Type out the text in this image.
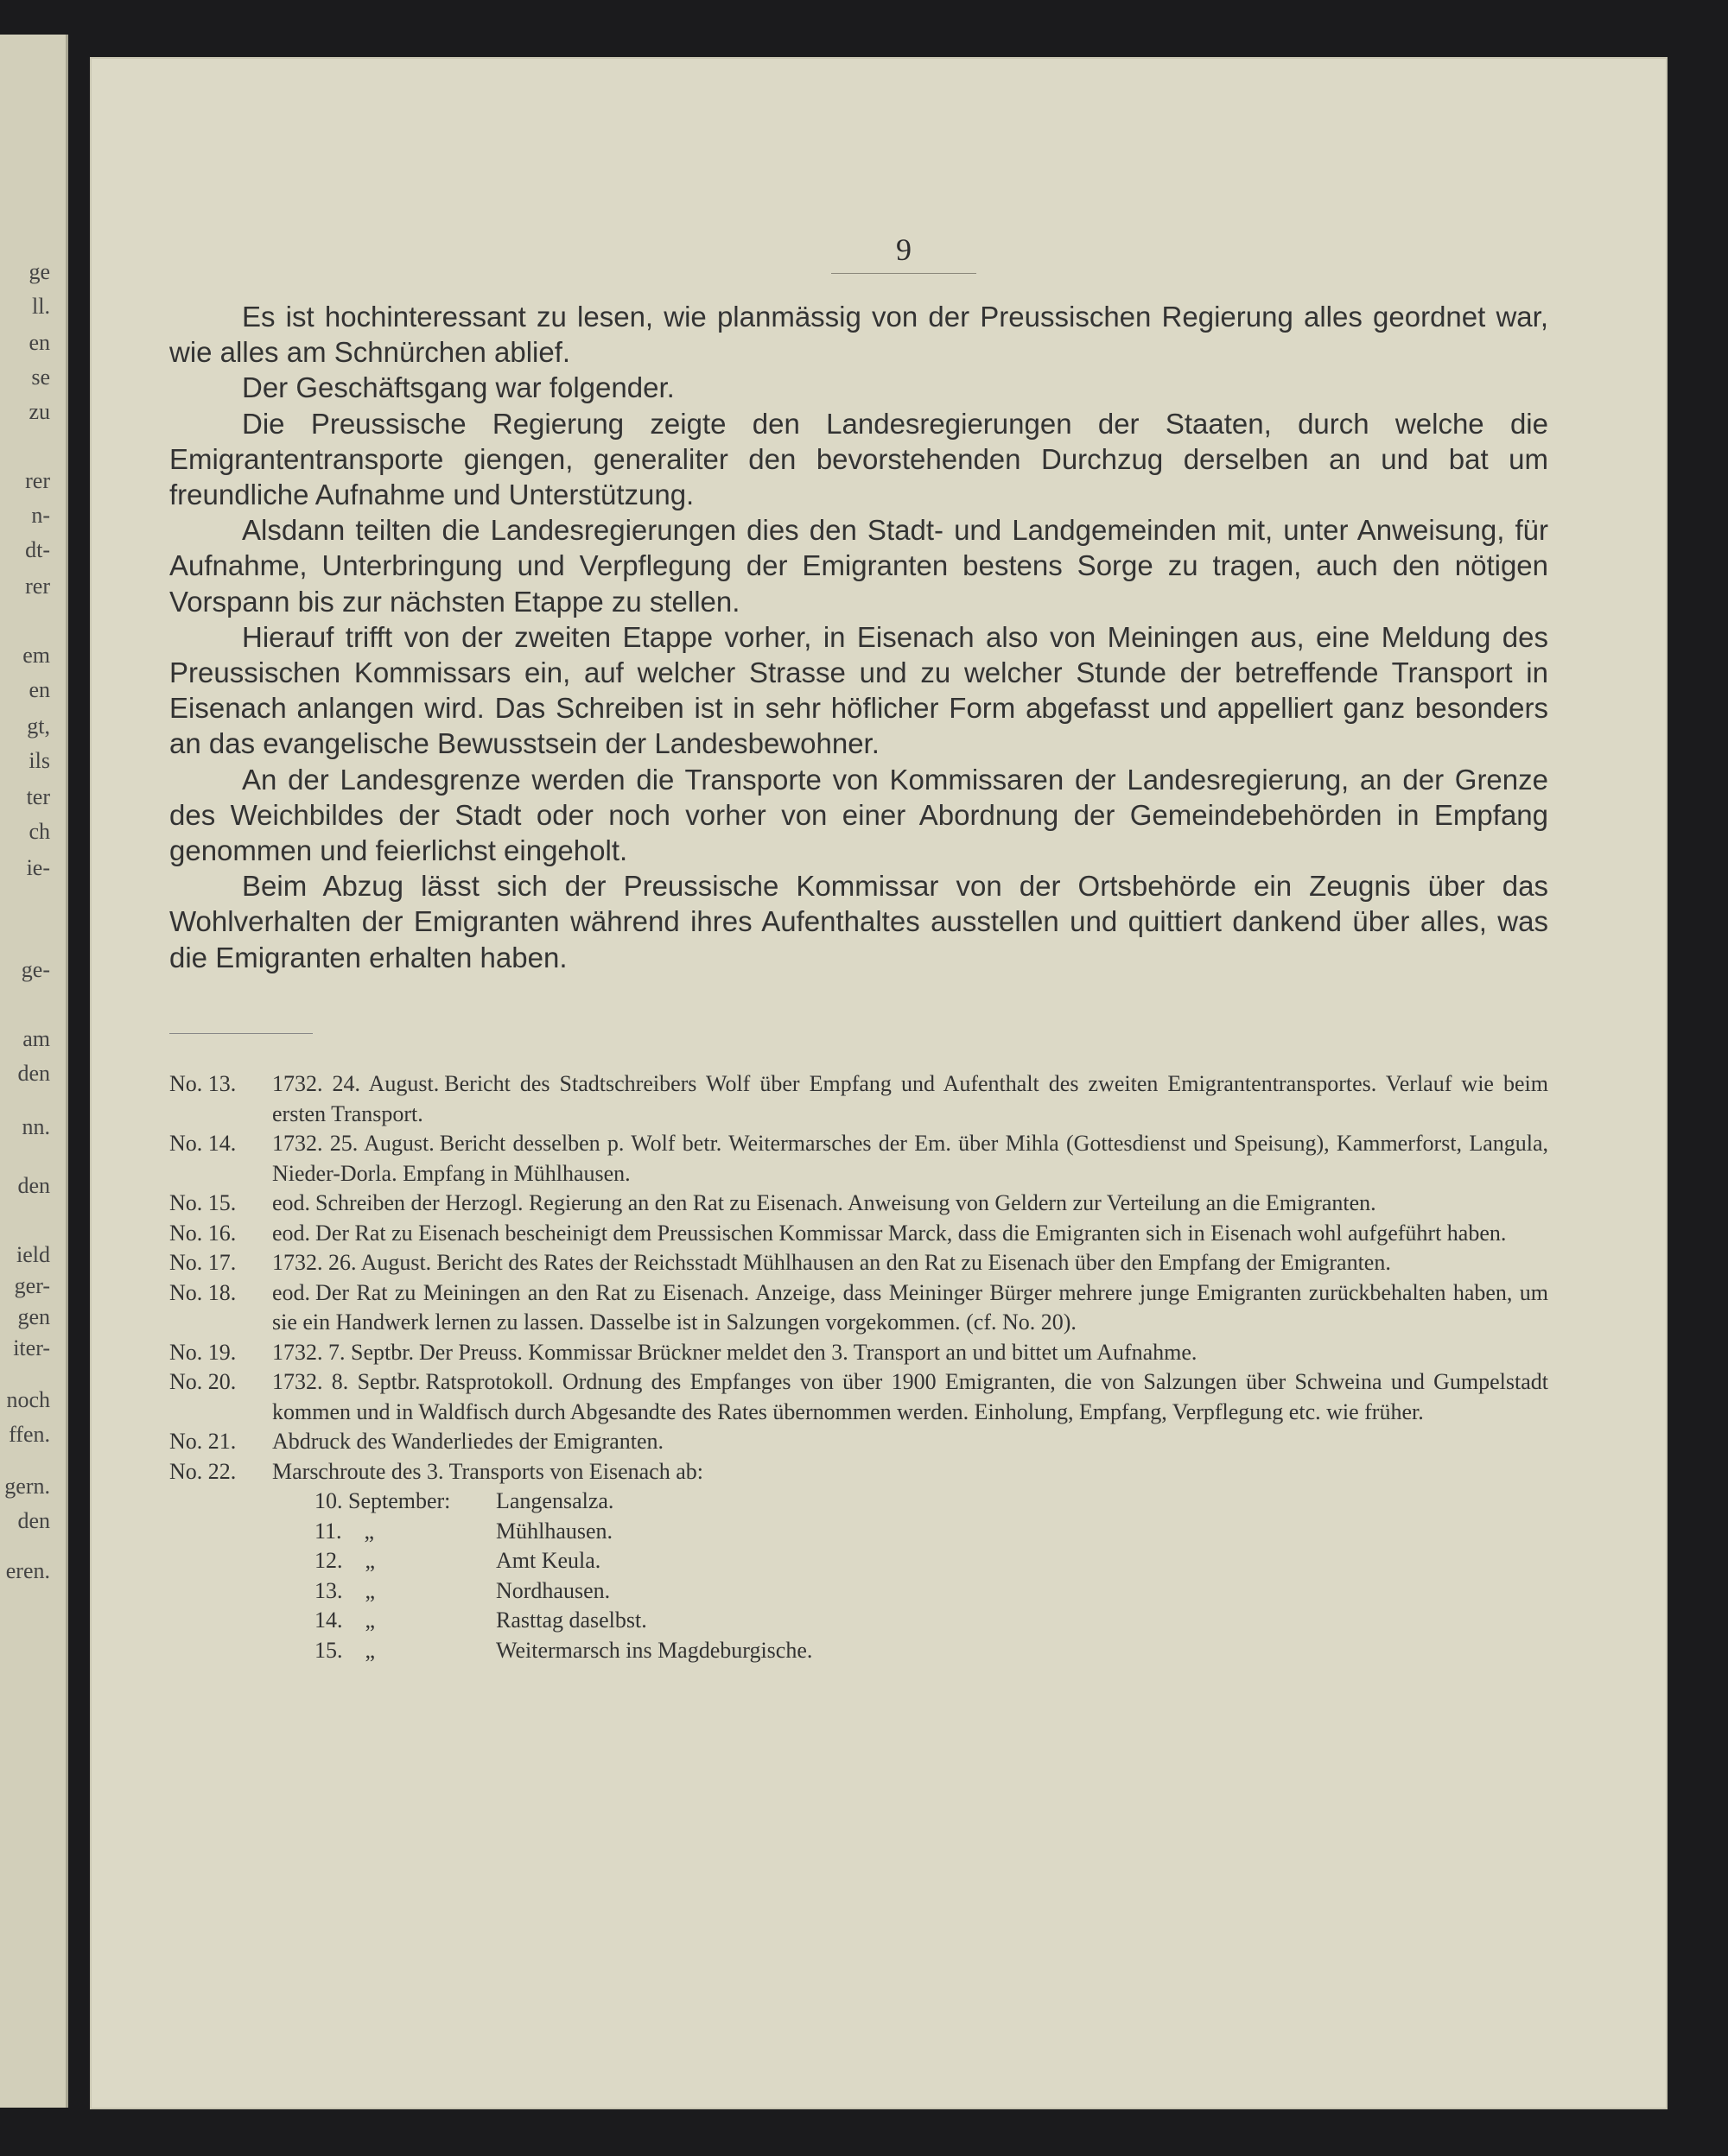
ge
ll.
en
se
zu
rer
n-
dt-
rer
em
en
gt,
ils
ter
ch
ie-
ge-
am
den
nn.
den
ield
ger-
gen
iter-
noch
ffen.
gern.
den
eren.
9

Es ist hochinteressant zu lesen, wie planmässig von der Preussischen Regierung alles geordnet war, wie alles am Schnürchen ablief.

Der Geschäftsgang war folgender.

Die Preussische Regierung zeigte den Landesregierungen der Staaten, durch welche die Emigrantentransporte giengen, generaliter den bevorstehenden Durchzug derselben an und bat um freundliche Aufnahme und Unterstützung.

Alsdann teilten die Landesregierungen dies den Stadt- und Landgemeinden mit, unter Anweisung, für Aufnahme, Unterbringung und Verpflegung der Emigranten bestens Sorge zu tragen, auch den nötigen Vorspann bis zur nächsten Etappe zu stellen.

Hierauf trifft von der zweiten Etappe vorher, in Eisenach also von Meiningen aus, eine Meldung des Preussischen Kommissars ein, auf welcher Strasse und zu welcher Stunde der betreffende Transport in Eisenach anlangen wird. Das Schreiben ist in sehr höflicher Form abgefasst und appelliert ganz besonders an das evangelische Bewusstsein der Landesbewohner.

An der Landesgrenze werden die Transporte von Kommissaren der Landesregierung, an der Grenze des Weichbildes der Stadt oder noch vorher von einer Abordnung der Gemeindebehörden in Empfang genommen und feierlichst eingeholt.

Beim Abzug lässt sich der Preussische Kommissar von der Ortsbehörde ein Zeugnis über das Wohlverhalten der Emigranten während ihres Aufenthaltes ausstellen und quittiert dankend über alles, was die Emigranten erhalten haben.

No. 13.	1732. 24. August. Bericht des Stadtschreibers Wolf über Empfang und Aufenthalt des zweiten Emigrantentransportes. Verlauf wie beim ersten Transport.
No. 14.	1732. 25. August. Bericht desselben p. Wolf betr. Weitermarsches der Em. über Mihla (Gottesdienst und Speisung), Kammerforst, Langula, Nieder-Dorla. Empfang in Mühlhausen.
No. 15.	eod. Schreiben der Herzogl. Regierung an den Rat zu Eisenach. Anweisung von Geldern zur Verteilung an die Emigranten.
No. 16.	eod. Der Rat zu Eisenach bescheinigt dem Preussischen Kommissar Marck, dass die Emigranten sich in Eisenach wohl aufgeführt haben.
No. 17.	1732. 26. August. Bericht des Rates der Reichsstadt Mühlhausen an den Rat zu Eisenach über den Empfang der Emigranten.
No. 18.	eod. Der Rat zu Meiningen an den Rat zu Eisenach. Anzeige, dass Meininger Bürger mehrere junge Emigranten zurückbehalten haben, um sie ein Handwerk lernen zu lassen. Dasselbe ist in Salzungen vorgekommen. (cf. No. 20).
No. 19.	1732. 7. Septbr. Der Preuss. Kommissar Brückner meldet den 3. Transport an und bittet um Aufnahme.
No. 20.	1732. 8. Septbr. Ratsprotokoll. Ordnung des Empfanges von über 1900 Emigranten, die von Salzungen über Schweina und Gumpelstadt kommen und in Waldfisch durch Abgesandte des Rates übernommen werden. Einholung, Empfang, Verpflegung etc. wie früher.
No. 21.	Abdruck des Wanderliedes der Emigranten.
No. 22.	Marschroute des 3. Transports von Eisenach ab:
10. September:	Langensalza.
11.    „	Mühlhausen.
12.    „	Amt Keula.
13.    „	Nordhausen.
14.    „	Rasttag daselbst.
15.    „	Weitermarsch ins Magdeburgische.
